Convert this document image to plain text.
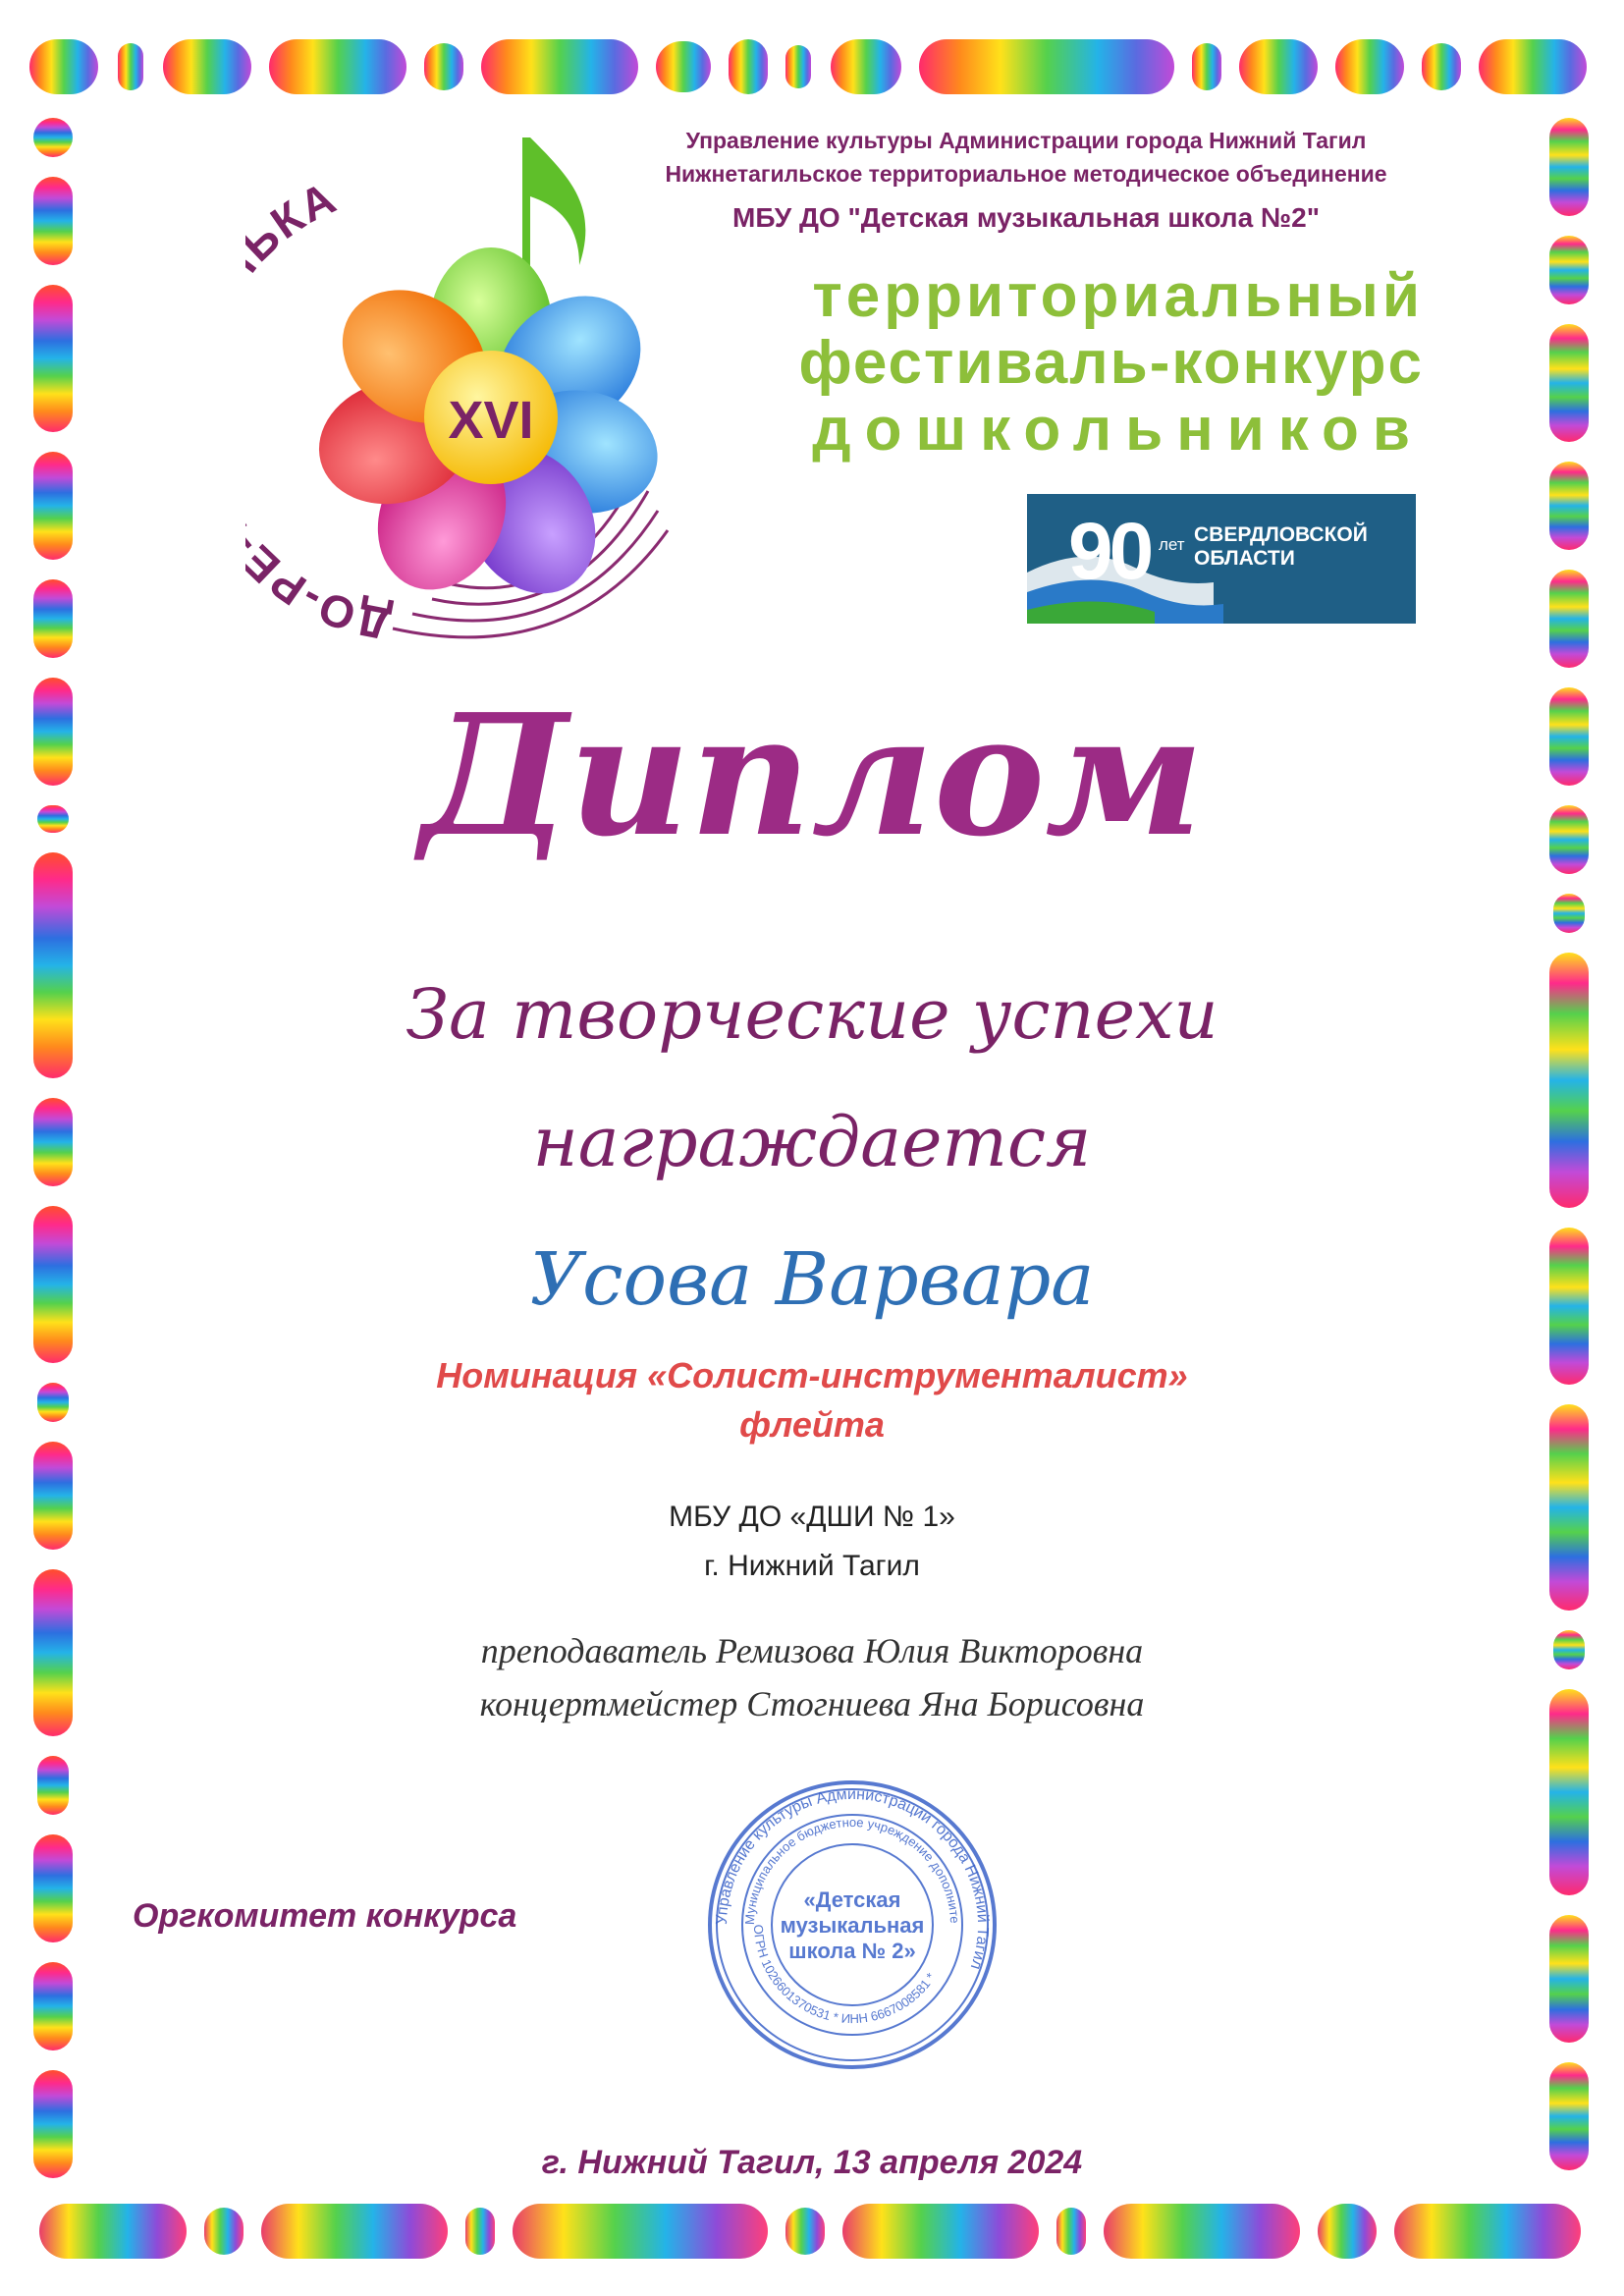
XVI
ДО-Р КА
Управление культуры Администрации города Нижний Тагил
Нижнетагильское территориальное методическое объединение
МБУ ДО "Детская музыкальная школа №2"
территориальный
фестиваль-конкурс
дошкольников
90 лет СВЕРДЛОВСКОЙ
ОБЛАСТИ
Диплом
За творческие успехи
награждается
Усова Варвара
Номинация «Солист-инструменталист»
флейта
МБУ ДО «ДШИ № 1»
г. Нижний Тагил
преподаватель Ремизова Юлия Викторовна
концертмейстер Стогниева Яна Борисовна
Оргкомитет конкурса	Управление культуры Администрации города Нижний Тагил
Муниципальное бюджетное учреждение дополните
ОГРН 1026601370531 * ИНН 6667008581 *
«Детская
музыкальная
школа № 2»
г. Нижний Тагил, 13 апреля 2024
